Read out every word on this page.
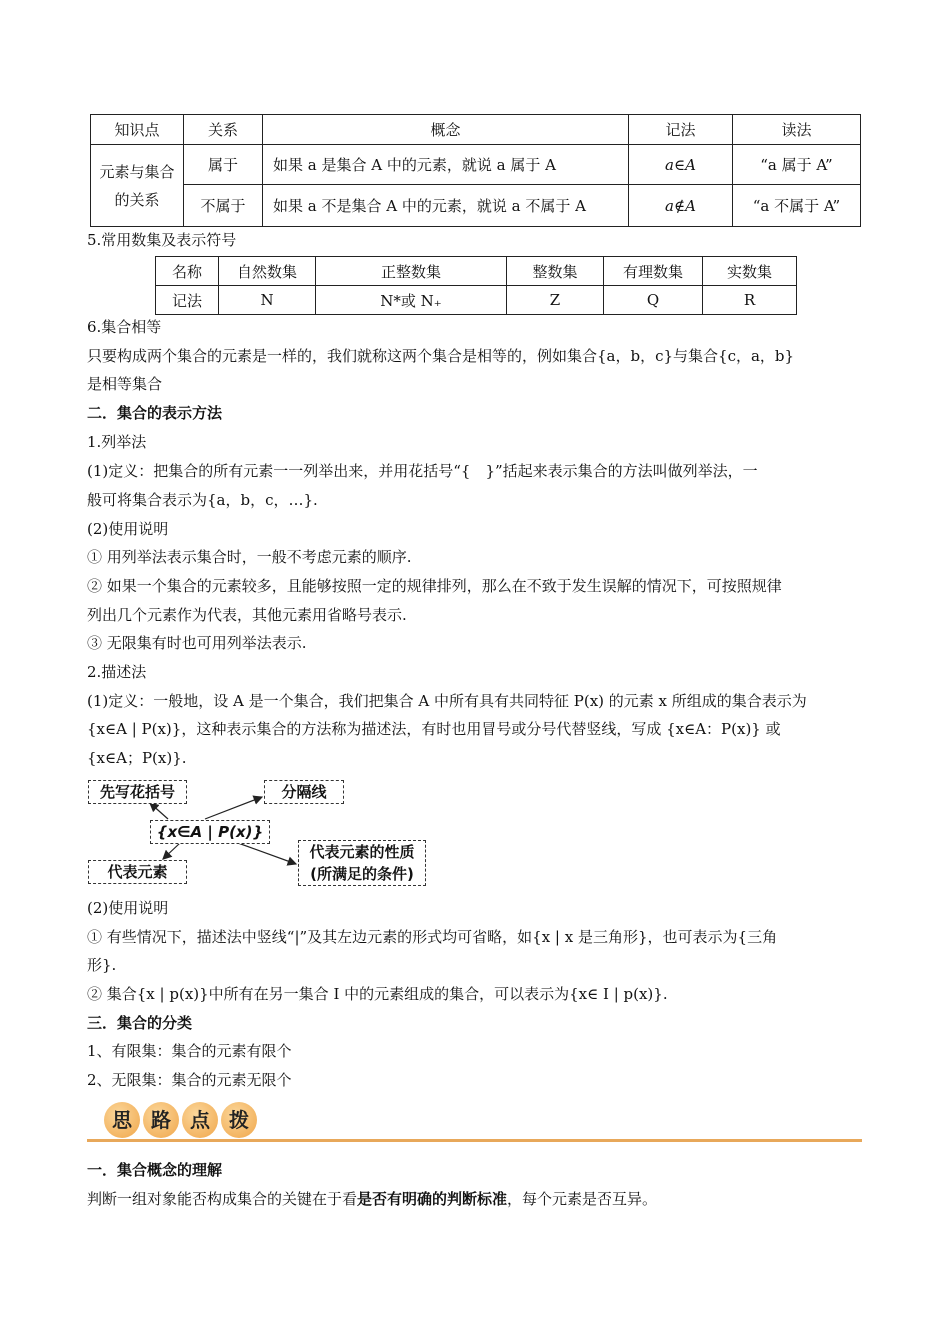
知识点	关系	概念	记法	读法
元素与集合的关系	属于	如果 a 是集合 A 中的元素，就说 a 属于 A	a∈A	“a 属于 A”
	不属于	如果 a 不是集合 A 中的元素，就说 a 不属于 A	a∉A	“a 不属于 A”
5.常用数集及表示符号
名称	自然数集	正整数集	整数集	有理数集	实数集
记法	N	N*或 N₊	Z	Q	R
6.集合相等
只要构成两个集合的元素是一样的，我们就称这两个集合是相等的，例如集合{a，b，c}与集合{c，a，b}
是相等集合
二．集合的表示方法
1.列举法
(1)定义：把集合的所有元素一一列举出来，并用花括号“{　}”括起来表示集合的方法叫做列举法，一
般可将集合表示为{a，b，c，…}.
(2)使用说明
① 用列举法表示集合时，一般不考虑元素的顺序.
② 如果一个集合的元素较多，且能够按照一定的规律排列，那么在不致于发生误解的情况下，可按照规律
列出几个元素作为代表，其他元素用省略号表示.
③ 无限集有时也可用列举法表示.
2.描述法
(1)定义：一般地，设 A 是一个集合，我们把集合 A 中所有具有共同特征 P(x) 的元素 x 所组成的集合表示为
{x∈A | P(x)}，这种表示集合的方法称为描述法，有时也用冒号或分号代替竖线，写成 {x∈A：P(x)} 或
{x∈A；P(x)}.
先写花括号	分隔线
{x∈A | P(x)}
代表元素
代表元素的性质
(所满足的条件)
(2)使用说明
① 有些情况下，描述法中竖线“|”及其左边元素的形式均可省略，如{x | x 是三角形}，也可表示为{三角
形}.
② 集合{x | p(x)}中所有在另一集合 I 中的元素组成的集合，可以表示为{x∈ I | p(x)}.
三．集合的分类
1、有限集：集合的元素有限个
2、无限集：集合的元素无限个
思 路 点 拨
一．集合概念的理解
判断一组对象能否构成集合的关键在于看是否有明确的判断标准，每个元素是否互异。
